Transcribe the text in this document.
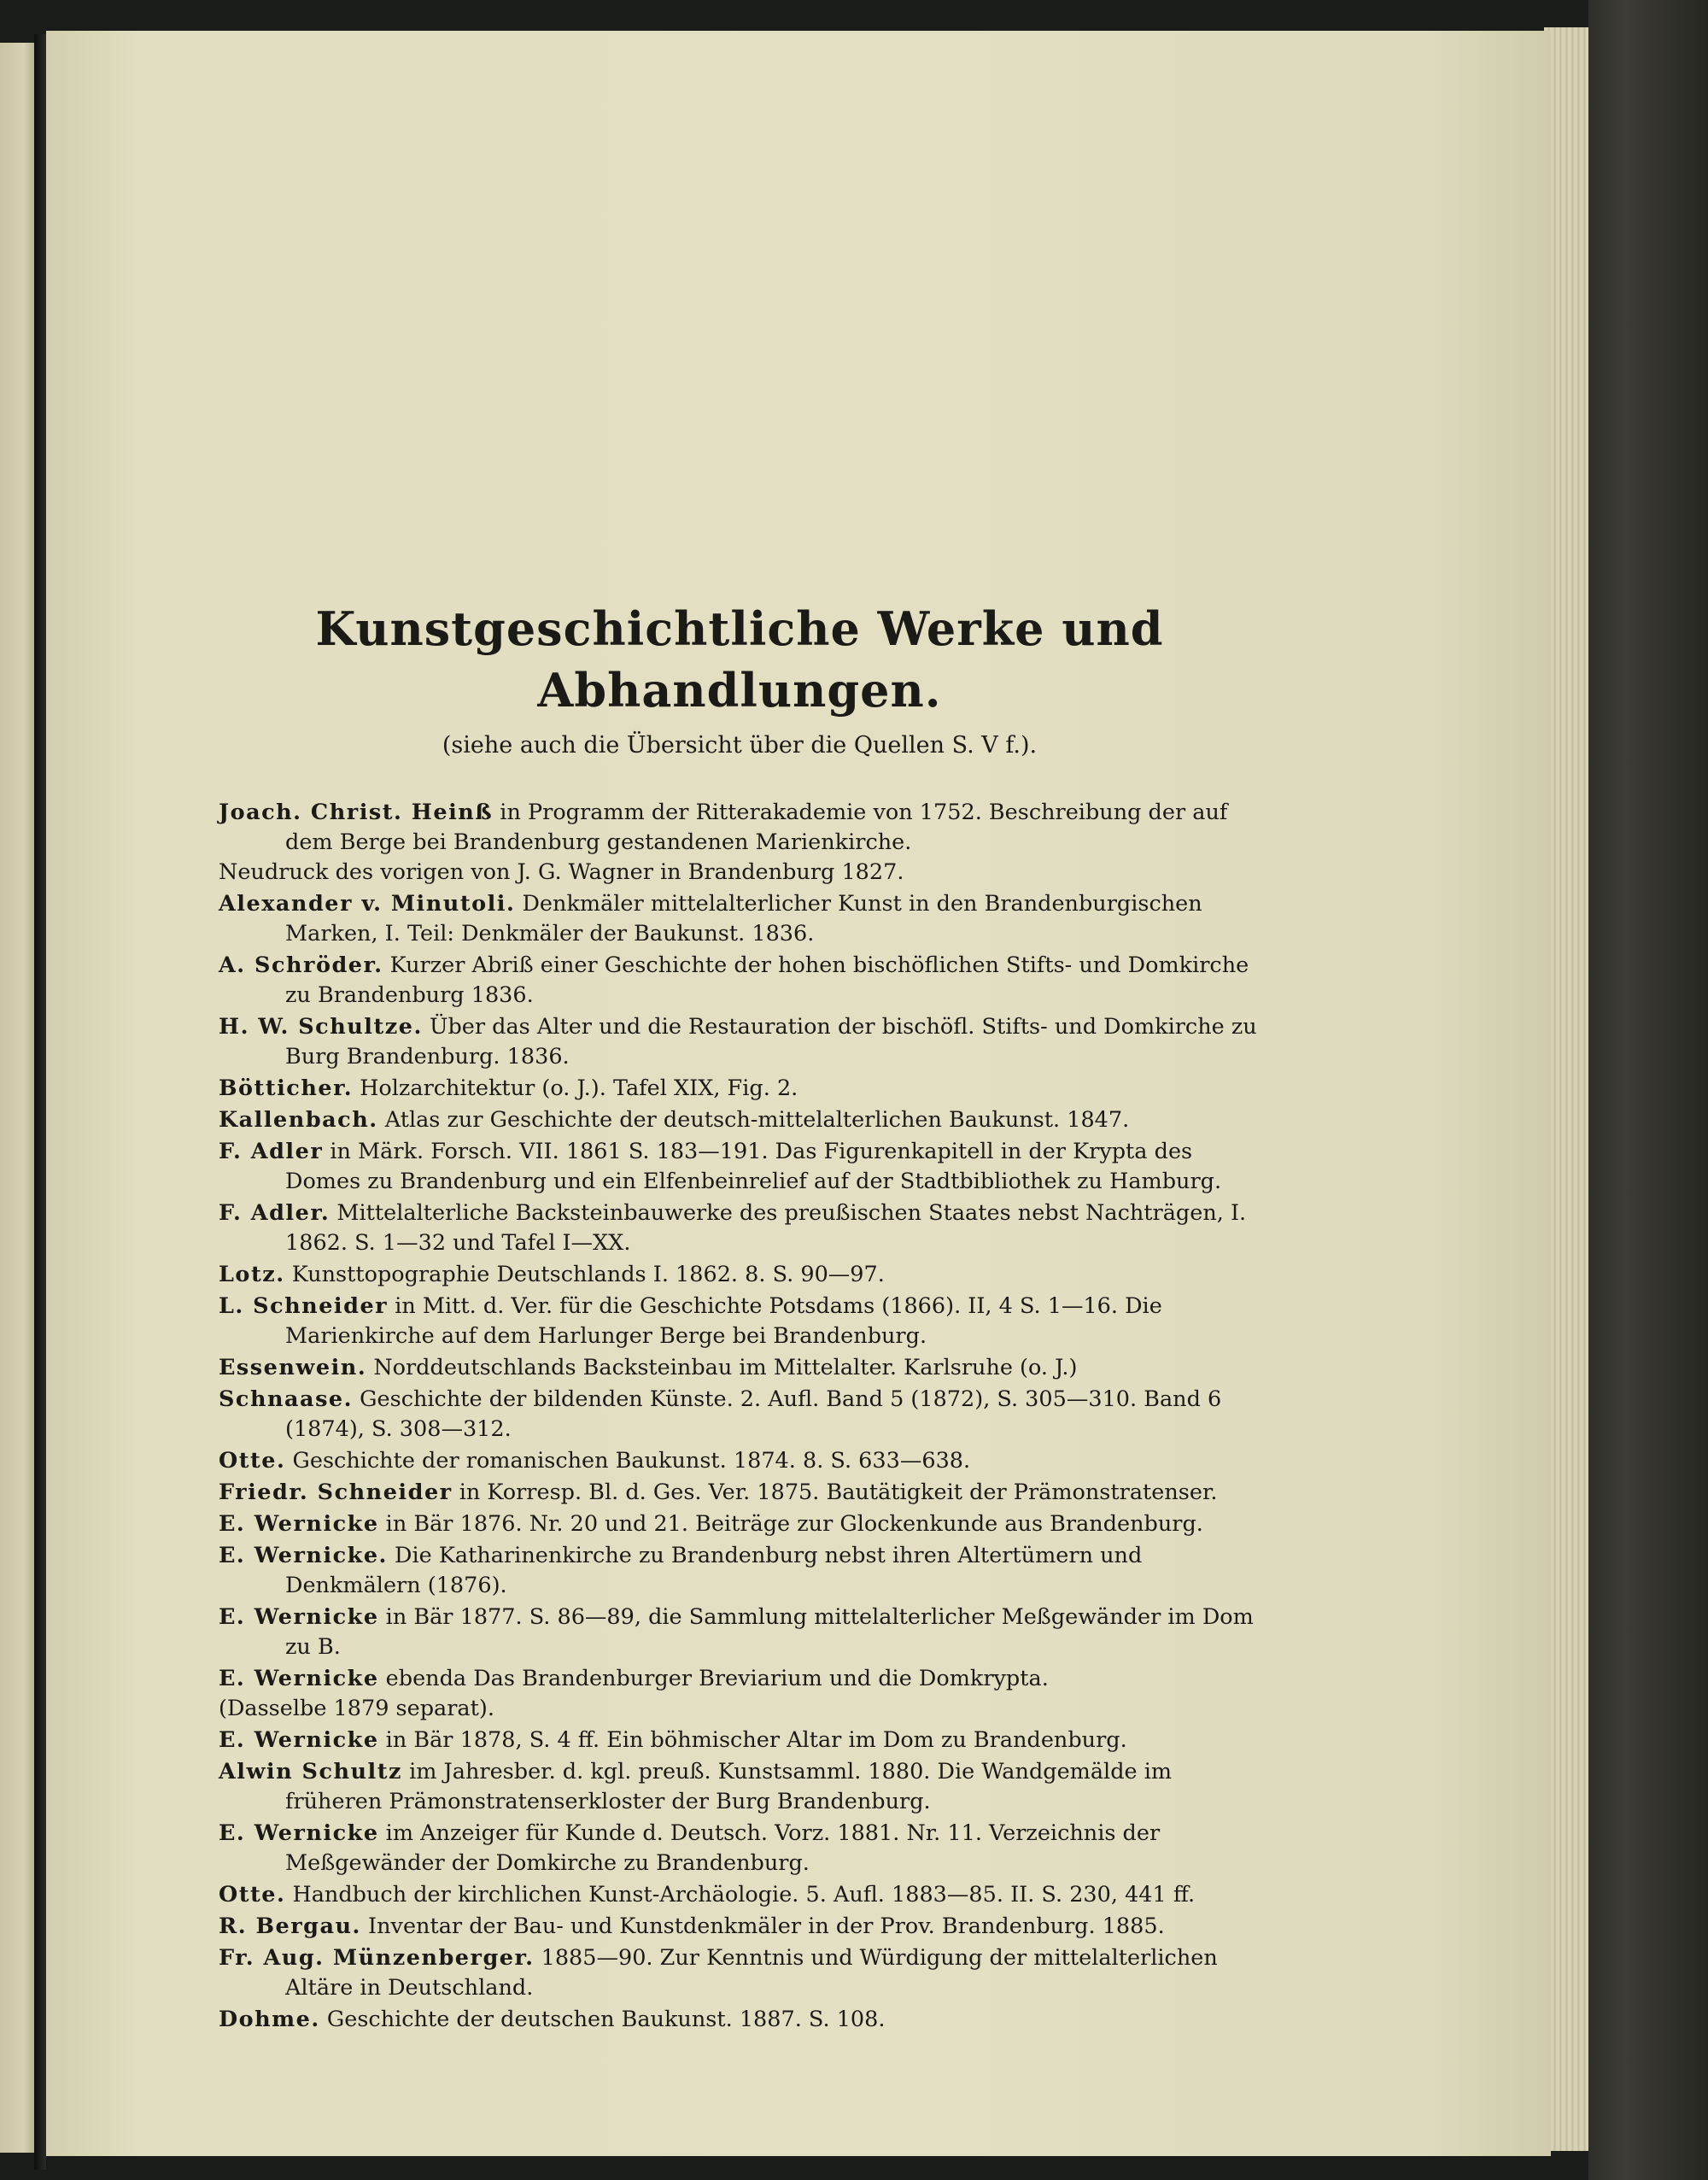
Kunstgeschichtliche Werke und Abhandlungen.
(siehe auch die Übersicht über die Quellen S. V f.).
Joach. Christ. Heinß in Programm der Ritterakademie von 1752. Beschreibung der auf dem Berge bei Brandenburg gestandenen Marienkirche.
Neudruck des vorigen von J. G. Wagner in Brandenburg 1827.
Alexander v. Minutoli. Denkmäler mittelalterlicher Kunst in den Brandenburgischen Marken, I. Teil: Denkmäler der Baukunst. 1836.
A. Schröder. Kurzer Abriß einer Geschichte der hohen bischöflichen Stifts- und Domkirche zu Brandenburg 1836.
H. W. Schultze. Über das Alter und die Restauration der bischöfl. Stifts- und Domkirche zu Burg Brandenburg. 1836.
Bötticher. Holzarchitektur (o. J.). Tafel XIX, Fig. 2.
Kallenbach. Atlas zur Geschichte der deutsch-mittelalterlichen Baukunst. 1847.
F. Adler in Märk. Forsch. VII. 1861 S. 183—191. Das Figurenkapitell in der Krypta des Domes zu Brandenburg und ein Elfenbeinrelief auf der Stadtbibliothek zu Hamburg.
F. Adler. Mittelalterliche Backsteinbauwerke des preußischen Staates nebst Nachträgen, I. 1862. S. 1—32 und Tafel I—XX.
Lotz. Kunsttopographie Deutschlands I. 1862. 8. S. 90—97.
L. Schneider in Mitt. d. Ver. für die Geschichte Potsdams (1866). II, 4 S. 1—16. Die Marienkirche auf dem Harlunger Berge bei Brandenburg.
Essenwein. Norddeutschlands Backsteinbau im Mittelalter. Karlsruhe (o. J.)
Schnaase. Geschichte der bildenden Künste. 2. Aufl. Band 5 (1872), S. 305—310. Band 6 (1874), S. 308—312.
Otte. Geschichte der romanischen Baukunst. 1874. 8. S. 633—638.
Friedr. Schneider in Korresp. Bl. d. Ges. Ver. 1875. Bautätigkeit der Prämonstratenser.
E. Wernicke in Bär 1876. Nr. 20 und 21. Beiträge zur Glockenkunde aus Brandenburg.
E. Wernicke. Die Katharinenkirche zu Brandenburg nebst ihren Altertümern und Denkmälern (1876).
E. Wernicke in Bär 1877. S. 86—89, die Sammlung mittelalterlicher Meßgewänder im Dom zu B.
E. Wernicke ebenda Das Brandenburger Breviarium und die Domkrypta.
(Dasselbe 1879 separat).
E. Wernicke in Bär 1878, S. 4 ff. Ein böhmischer Altar im Dom zu Brandenburg.
Alwin Schultz im Jahresber. d. kgl. preuß. Kunstsamml. 1880. Die Wandgemälde im früheren Prämonstratenserkloster der Burg Brandenburg.
E. Wernicke im Anzeiger für Kunde d. Deutsch. Vorz. 1881. Nr. 11. Verzeichnis der Meßgewänder der Domkirche zu Brandenburg.
Otte. Handbuch der kirchlichen Kunst-Archäologie. 5. Aufl. 1883—85. II. S. 230, 441 ff.
R. Bergau. Inventar der Bau- und Kunstdenkmäler in der Prov. Brandenburg. 1885.
Fr. Aug. Münzenberger. 1885—90. Zur Kenntnis und Würdigung der mittelalterlichen Altäre in Deutschland.
Dohme. Geschichte der deutschen Baukunst. 1887. S. 108.
